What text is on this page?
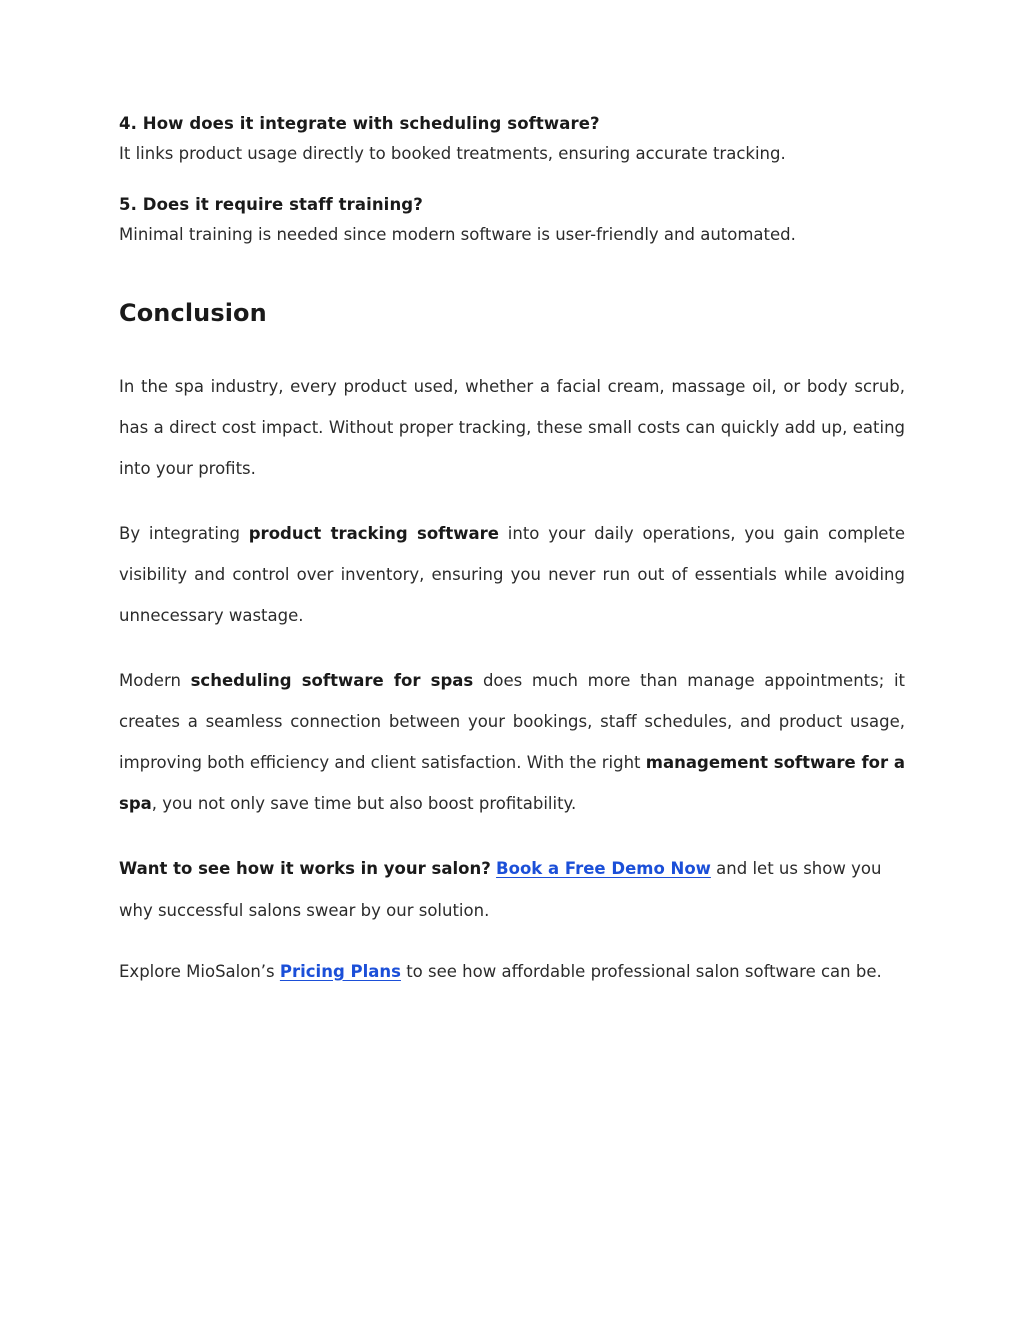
4. How does it integrate with scheduling software?

It links product usage directly to booked treatments, ensuring accurate tracking.

5. Does it require staff training?

Minimal training is needed since modern software is user-friendly and automated.

Conclusion

In the spa industry, every product used, whether a facial cream, massage oil, or body scrub, has a direct cost impact. Without proper tracking, these small costs can quickly add up, eating into your profits.

By integrating product tracking software into your daily operations, you gain complete visibility and control over inventory, ensuring you never run out of essentials while avoiding unnecessary wastage.

Modern scheduling software for spas does much more than manage appointments; it creates a seamless connection between your bookings, staff schedules, and product usage, improving both efficiency and client satisfaction. With the right management software for a spa, you not only save time but also boost profitability.

Want to see how it works in your salon? Book a Free Demo Now and let us show you why successful salons swear by our solution.

Explore MioSalon’s Pricing Plans to see how affordable professional salon software can be.
